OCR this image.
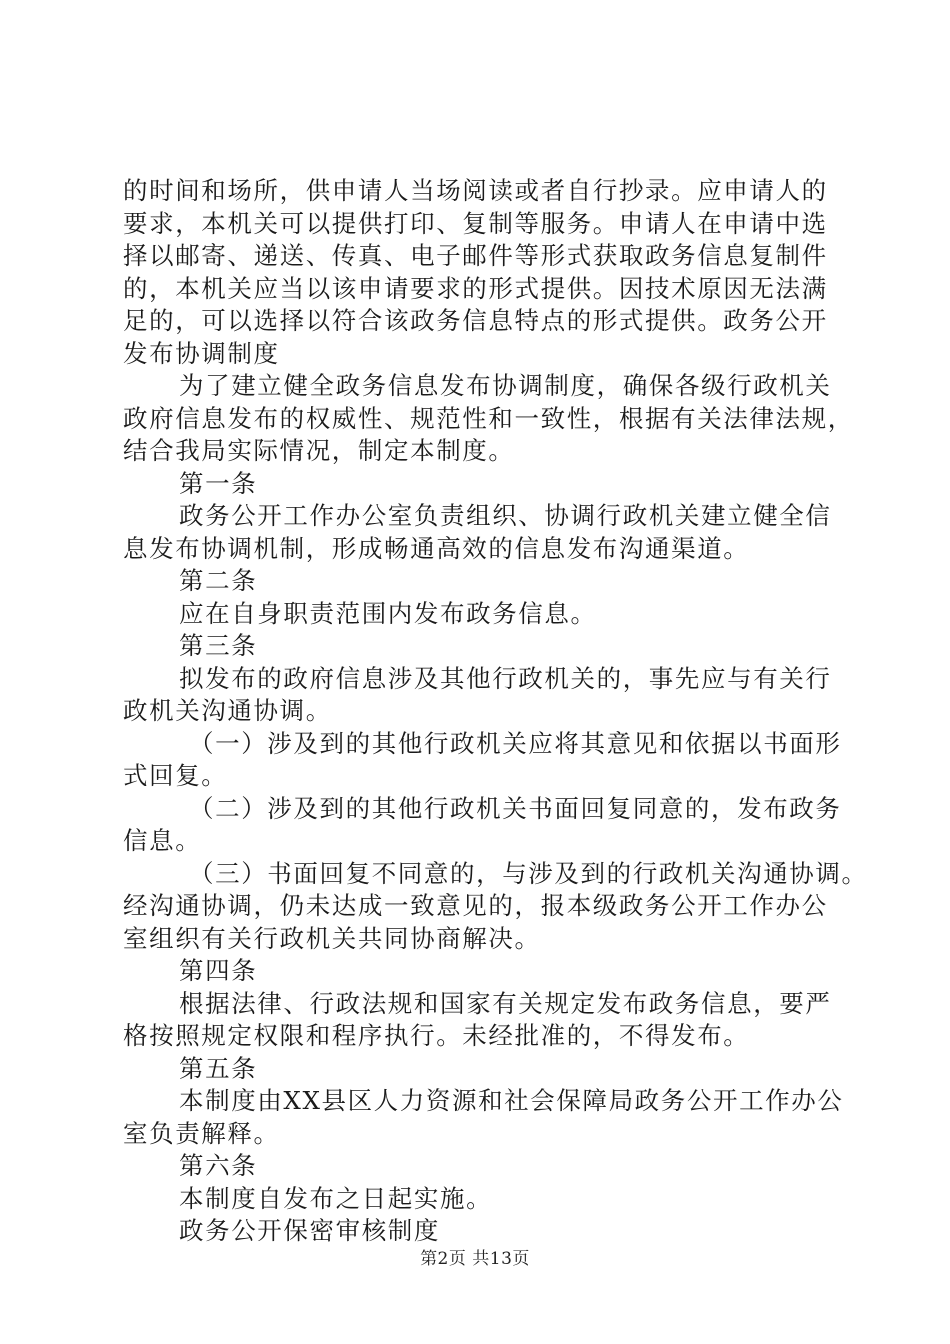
的时间和场所，供申请人当场阅读或者自行抄录。应申请人的
要求，本机关可以提供打印、复制等服务。申请人在申请中选
择以邮寄、递送、传真、电子邮件等形式获取政务信息复制件
的，本机关应当以该申请要求的形式提供。因技术原因无法满
足的，可以选择以符合该政务信息特点的形式提供。政务公开
发布协调制度
为了建立健全政务信息发布协调制度，确保各级行政机关
政府信息发布的权威性、规范性和一致性，根据有关法律法规，
结合我局实际情况，制定本制度。
第一条
政务公开工作办公室负责组织、协调行政机关建立健全信
息发布协调机制，形成畅通高效的信息发布沟通渠道。
第二条
应在自身职责范围内发布政务信息。
第三条
拟发布的政府信息涉及其他行政机关的，事先应与有关行
政机关沟通协调。
（一）涉及到的其他行政机关应将其意见和依据以书面形
式回复。
（二）涉及到的其他行政机关书面回复同意的，发布政务
信息。
（三）书面回复不同意的，与涉及到的行政机关沟通协调。
经沟通协调，仍未达成一致意见的，报本级政务公开工作办公
室组织有关行政机关共同协商解决。
第四条
根据法律、行政法规和国家有关规定发布政务信息，要严
格按照规定权限和程序执行。未经批准的，不得发布。
第五条
本制度由XX县区人力资源和社会保障局政务公开工作办公
室负责解释。
第六条
本制度自发布之日起实施。
政务公开保密审核制度
第2页 共13页
